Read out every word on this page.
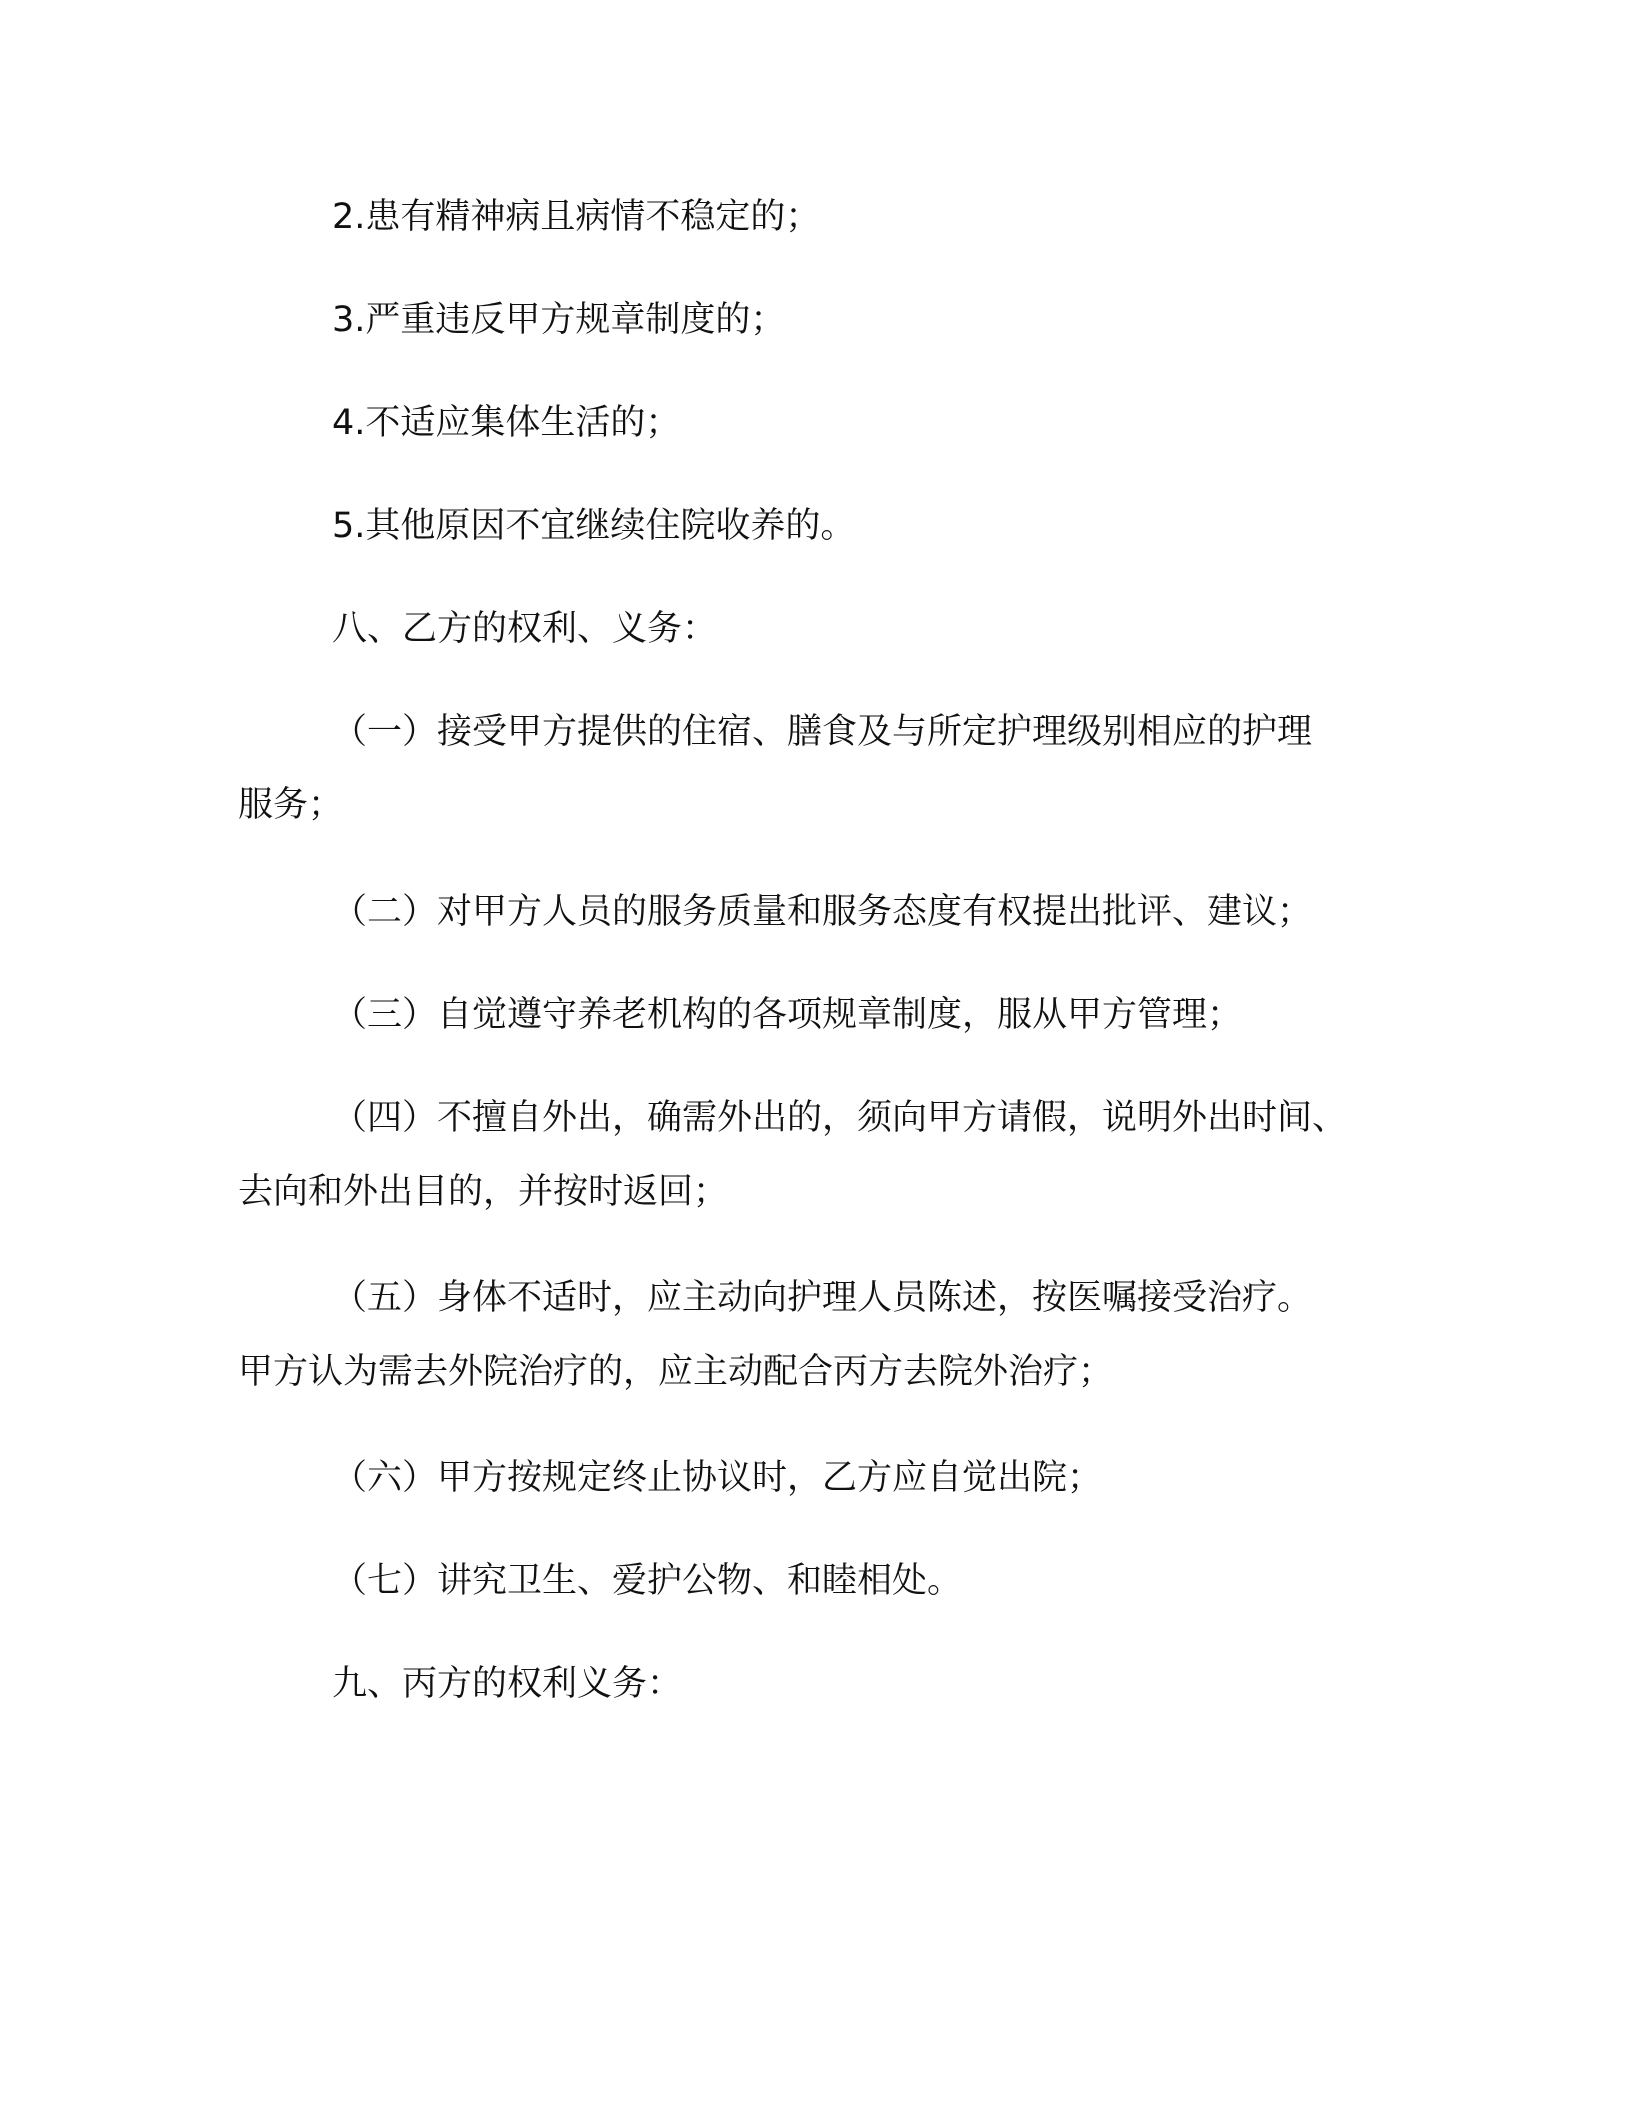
2.患有精神病且病情不稳定的；

3.严重违反甲方规章制度的；

4.不适应集体生活的；

5.其他原因不宜继续住院收养的。

八、乙方的权利、义务：

（一）接受甲方提供的住宿、膳食及与所定护理级别相应的护理

服务；

（二）对甲方人员的服务质量和服务态度有权提出批评、建议；

（三）自觉遵守养老机构的各项规章制度，服从甲方管理；

（四）不擅自外出，确需外出的，须向甲方请假，说明外出时间、

去向和外出目的，并按时返回；

（五）身体不适时，应主动向护理人员陈述，按医嘱接受治疗。

甲方认为需去外院治疗的，应主动配合丙方去院外治疗；

（六）甲方按规定终止协议时，乙方应自觉出院；

（七）讲究卫生、爱护公物、和睦相处。

九、丙方的权利义务：
